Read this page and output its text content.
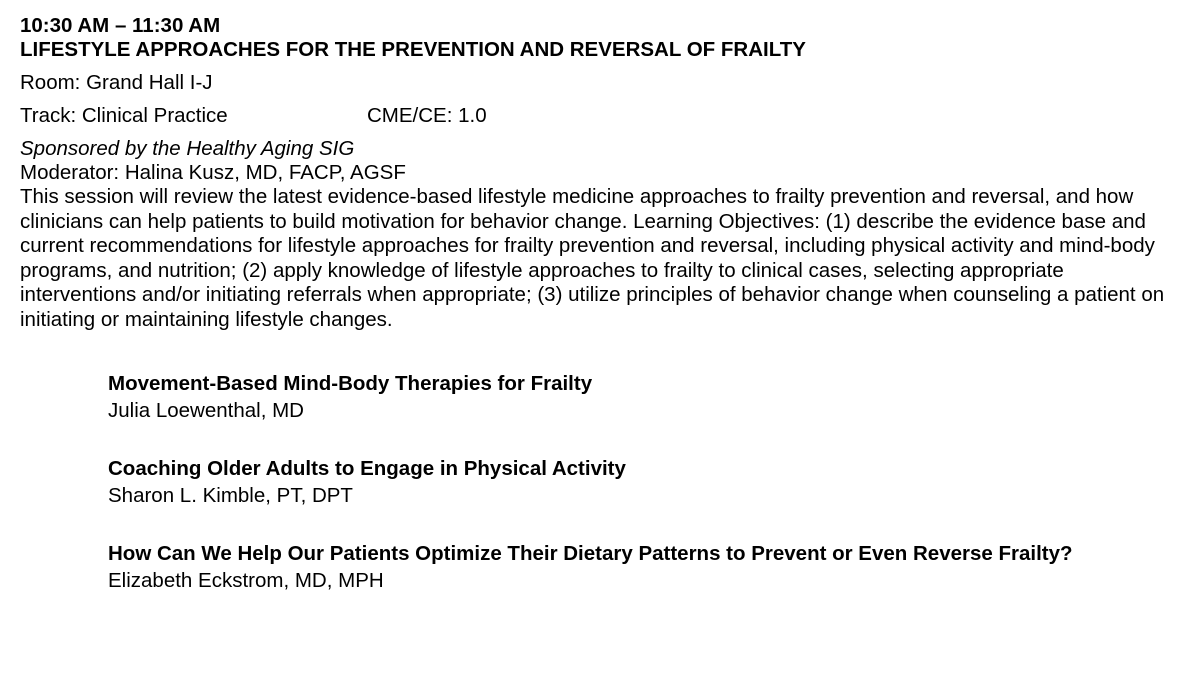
10:30 AM – 11:30 AM
LIFESTYLE APPROACHES FOR THE PREVENTION AND REVERSAL OF FRAILTY
Room: Grand Hall I-J
Track: Clinical Practice	CME/CE: 1.0
Sponsored by the Healthy Aging SIG
Moderator: Halina Kusz, MD, FACP, AGSF
This session will review the latest evidence-based lifestyle medicine approaches to frailty prevention and reversal, and how clinicians can help patients to build motivation for behavior change. Learning Objectives: (1) describe the evidence base and current recommendations for lifestyle approaches for frailty prevention and reversal, including physical activity and mind-body programs, and nutrition; (2) apply knowledge of lifestyle approaches to frailty to clinical cases, selecting appropriate interventions and/or initiating referrals when appropriate; (3) utilize principles of behavior change when counseling a patient on initiating or maintaining lifestyle changes.
Movement-Based Mind-Body Therapies for Frailty
Julia Loewenthal, MD
Coaching Older Adults to Engage in Physical Activity
Sharon L. Kimble, PT, DPT
How Can We Help Our Patients Optimize Their Dietary Patterns to Prevent or Even Reverse Frailty?
Elizabeth Eckstrom, MD, MPH
